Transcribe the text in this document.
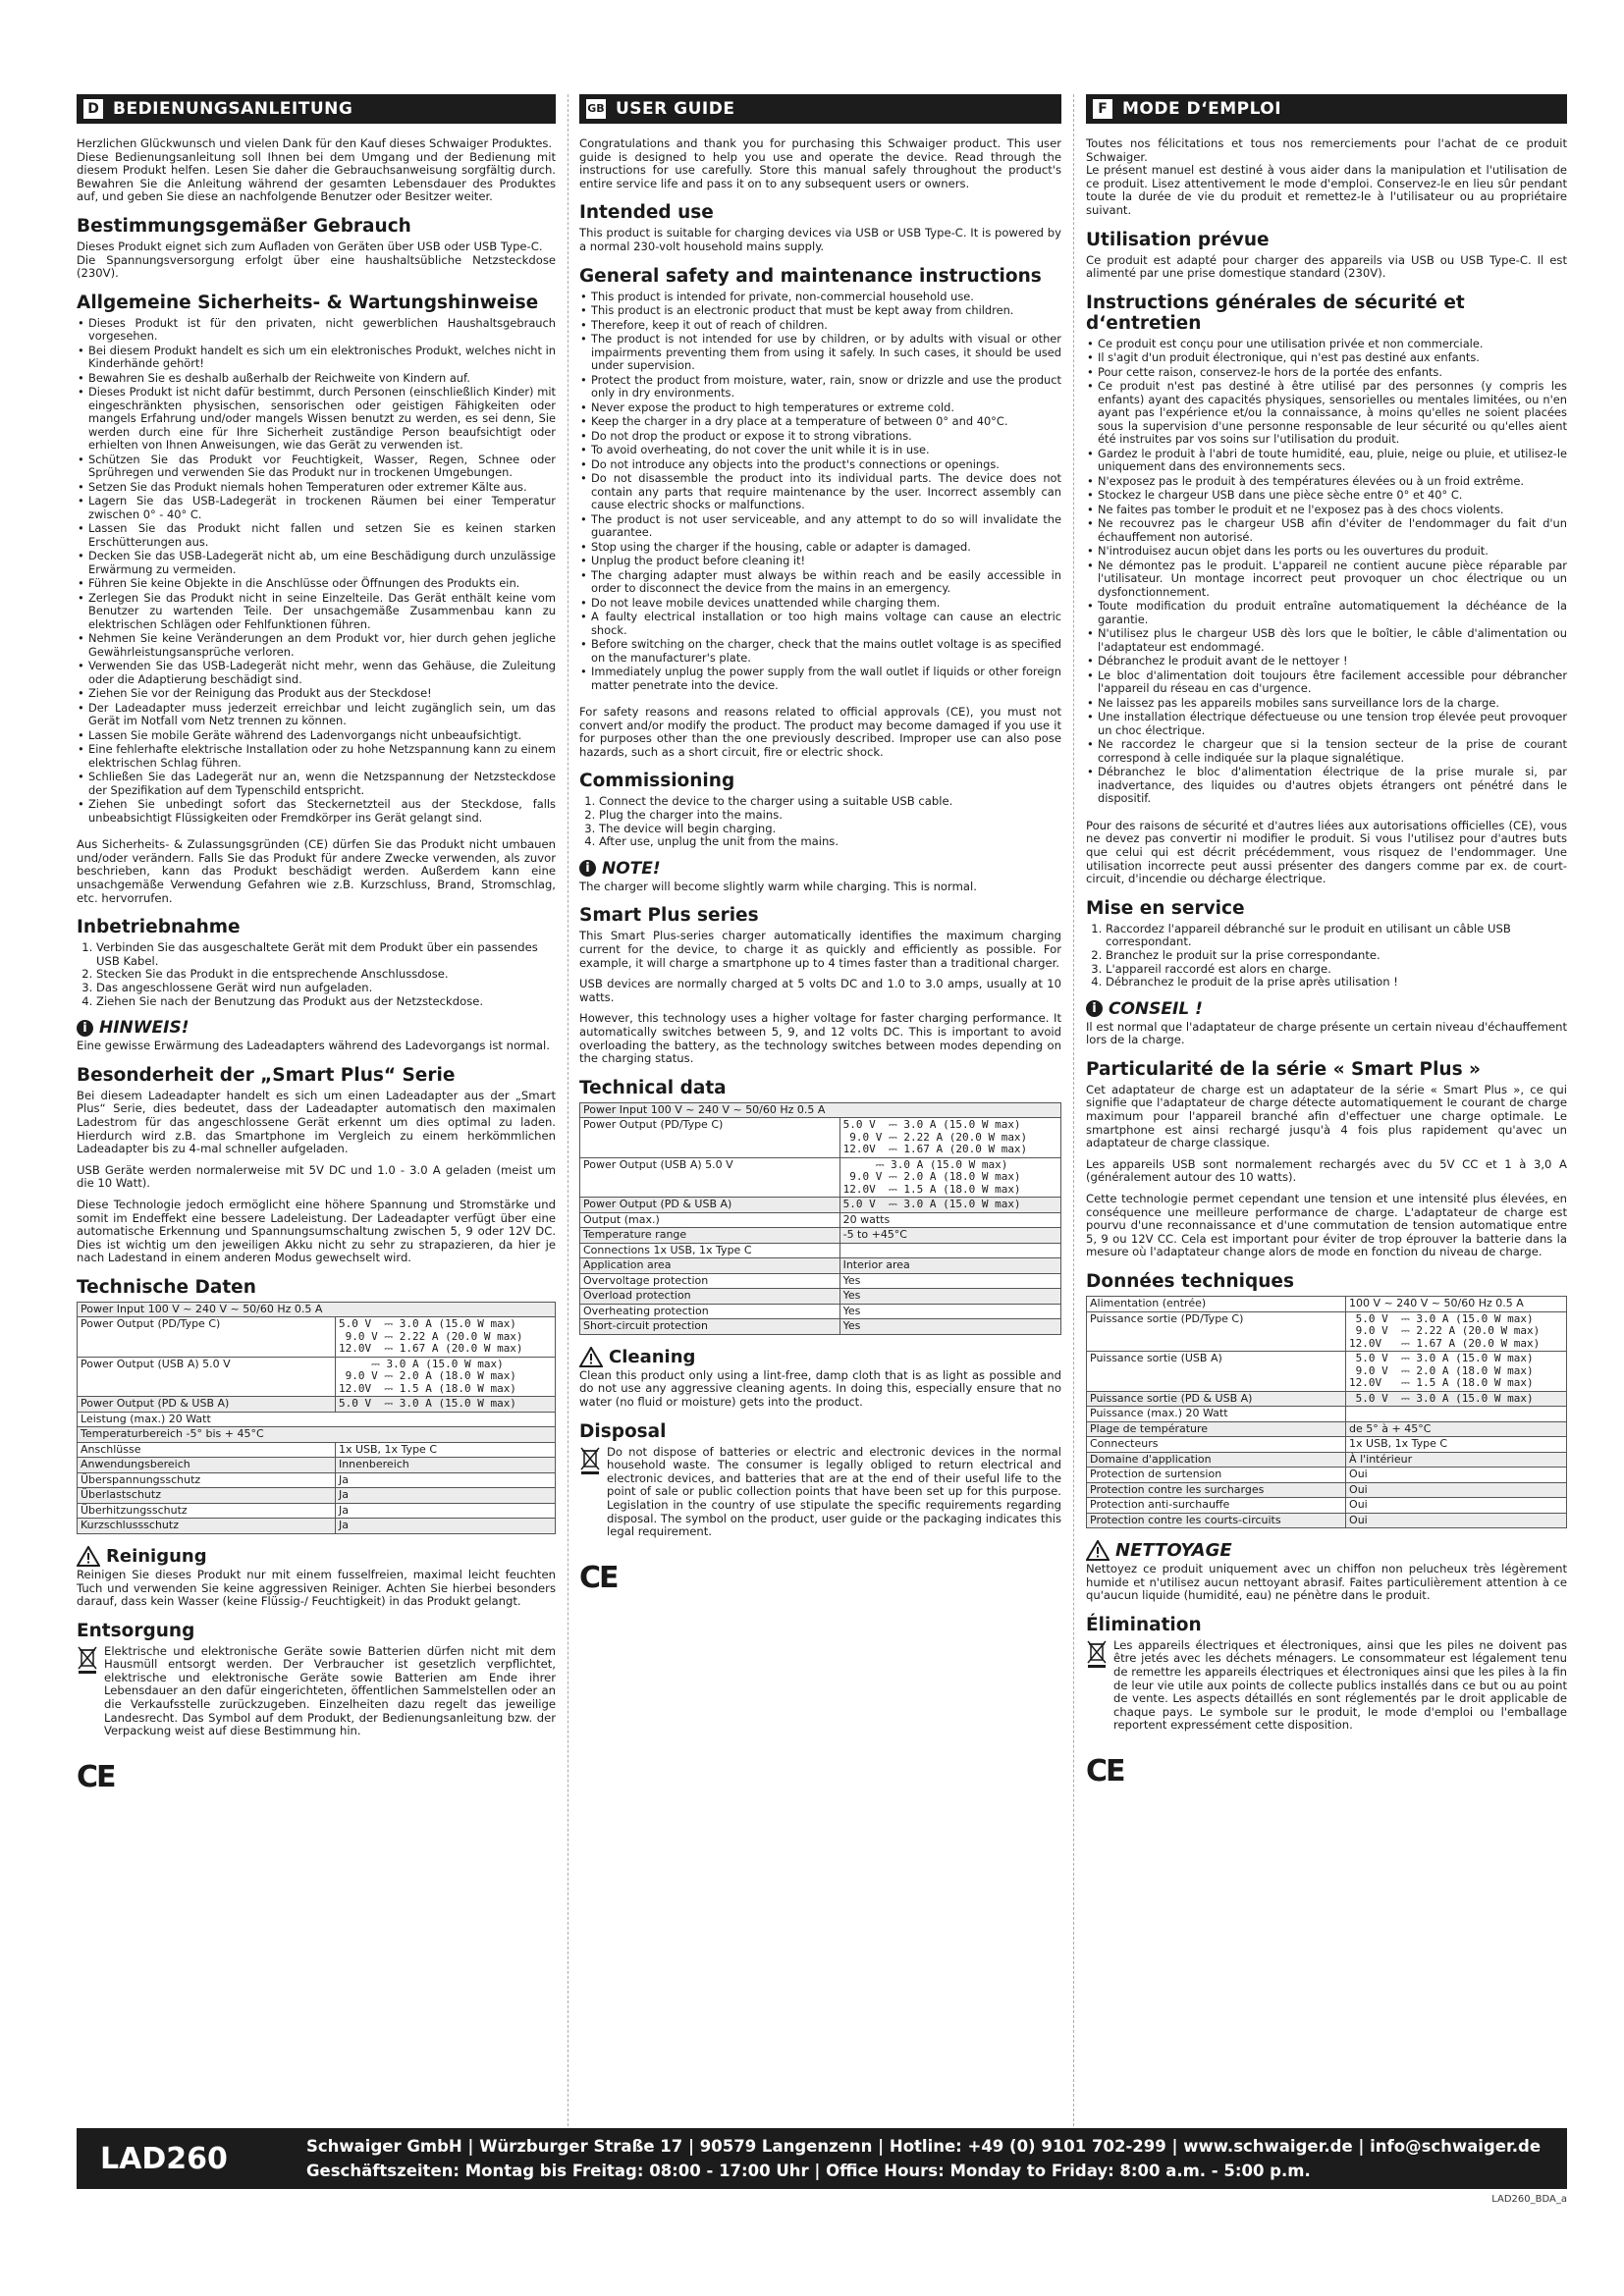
D BEDIENUNGSANLEITUNG

Herzlichen Glückwunsch und vielen Dank für den Kauf dieses Schwaiger Produktes.

Diese Bedienungsanleitung soll Ihnen bei dem Umgang und der Bedienung mit diesem Produkt helfen. Lesen Sie daher die Gebrauchsanweisung sorgfältig durch. Bewahren Sie die Anleitung während der gesamten Lebensdauer des Produktes auf, und geben Sie diese an nachfolgende Benutzer oder Besitzer weiter.

Bestimmungsgemäßer Gebrauch

Dieses Produkt eignet sich zum Aufladen von Geräten über USB oder USB Type-C.

Die Spannungsversorgung erfolgt über eine haushaltsübliche Netzsteckdose (230V).

Allgemeine Sicherheits- & Wartungshinweise
• Dieses Produkt ist für den privaten, nicht gewerblichen Haushaltsgebrauch vorgesehen.
• Bei diesem Produkt handelt es sich um ein elektronisches Produkt, welches nicht in Kinderhände gehört!
• Bewahren Sie es deshalb außerhalb der Reichweite von Kindern auf.
• Dieses Produkt ist nicht dafür bestimmt, durch Personen (einschließlich Kinder) mit eingeschränkten physischen, sensorischen oder geistigen Fähigkeiten oder mangels Erfahrung und/oder mangels Wissen benutzt zu werden, es sei denn, Sie werden durch eine für Ihre Sicherheit zuständige Person beaufsichtigt oder erhielten von Ihnen Anweisungen, wie das Gerät zu verwenden ist.
• Schützen Sie das Produkt vor Feuchtigkeit, Wasser, Regen, Schnee oder Sprühregen und verwenden Sie das Produkt nur in trockenen Umgebungen.
• Setzen Sie das Produkt niemals hohen Temperaturen oder extremer Kälte aus.
• Lagern Sie das USB-Ladegerät in trockenen Räumen bei einer Temperatur zwischen 0° - 40° C.
• Lassen Sie das Produkt nicht fallen und setzen Sie es keinen starken Erschütterungen aus.
• Decken Sie das USB-Ladegerät nicht ab, um eine Beschädigung durch unzulässige Erwärmung zu vermeiden.
• Führen Sie keine Objekte in die Anschlüsse oder Öffnungen des Produkts ein.
• Zerlegen Sie das Produkt nicht in seine Einzelteile. Das Gerät enthält keine vom Benutzer zu wartenden Teile. Der unsachgemäße Zusammenbau kann zu elektrischen Schlägen oder Fehlfunktionen führen.
• Nehmen Sie keine Veränderungen an dem Produkt vor, hier durch gehen jegliche Gewährleistungsansprüche verloren.
• Verwenden Sie das USB-Ladegerät nicht mehr, wenn das Gehäuse, die Zuleitung oder die Adaptierung beschädigt sind.
• Ziehen Sie vor der Reinigung das Produkt aus der Steckdose!
• Der Ladeadapter muss jederzeit erreichbar und leicht zugänglich sein, um das Gerät im Notfall vom Netz trennen zu können.
• Lassen Sie mobile Geräte während des Ladenvorgangs nicht unbeaufsichtigt.
• Eine fehlerhafte elektrische Installation oder zu hohe Netzspannung kann zu einem elektrischen Schlag führen.
• Schließen Sie das Ladegerät nur an, wenn die Netzspannung der Netzsteckdose der Spezifikation auf dem Typenschild entspricht.
• Ziehen Sie unbedingt sofort das Steckernetzteil aus der Steckdose, falls unbeabsichtigt Flüssigkeiten oder Fremdkörper ins Gerät gelangt sind.

Aus Sicherheits- & Zulassungsgründen (CE) dürfen Sie das Produkt nicht umbauen und/oder verändern. Falls Sie das Produkt für andere Zwecke verwenden, als zuvor beschrieben, kann das Produkt beschädigt werden. Außerdem kann eine unsachgemäße Verwendung Gefahren wie z.B. Kurzschluss, Brand, Stromschlag, etc. hervorrufen.

Inbetriebnahme
1. Verbinden Sie das ausgeschaltete Gerät mit dem Produkt über ein passendes USB Kabel.
2. Stecken Sie das Produkt in die entsprechende Anschlussdose.
3. Das angeschlossene Gerät wird nun aufgeladen.
4. Ziehen Sie nach der Benutzung das Produkt aus der Netzsteckdose.
i HINWEIS!

Eine gewisse Erwärmung des Ladeadapters während des Ladevorgangs ist normal.

Besonderheit der „Smart Plus“ Serie

Bei diesem Ladeadapter handelt es sich um einen Ladeadapter aus der „Smart Plus“ Serie, dies bedeutet, dass der Ladeadapter automatisch den maximalen Ladestrom für das angeschlossene Gerät erkennt um dies optimal zu laden. Hierdurch wird z.B. das Smartphone im Vergleich zu einem herkömmlichen Ladeadapter bis zu 4-mal schneller aufgeladen.

USB Geräte werden normalerweise mit 5V DC und 1.0 - 3.0 A geladen (meist um die 10 Watt).

Diese Technologie jedoch ermöglicht eine höhere Spannung und Stromstärke und somit im Endeffekt eine bessere Ladeleistung. Der Ladeadapter verfügt über eine automatische Erkennung und Spannungsumschaltung zwischen 5, 9 oder 12V DC. Dies ist wichtig um den jeweiligen Akku nicht zu sehr zu strapazieren, da hier je nach Ladestand in einem anderen Modus gewechselt wird.

Technische Daten
Power Input 100 V ~ 240 V ~ 50/60 Hz 0.5 A	
Power Output (PD/Type C)	5.0 V  ⎓ 3.0 A (15.0 W max)
9.0 V ⎓ 2.22 A (20.0 W max)
12.0V  ⎓ 1.67 A (20.0 W max)
Power Output (USB A) 5.0 V	⎓ 3.0 A (15.0 W max)
9.0 V ⎓ 2.0 A (18.0 W max)
12.0V  ⎓ 1.5 A (18.0 W max)
Power Output (PD & USB A)	5.0 V  ⎓ 3.0 A (15.0 W max)
Leistung (max.) 20 Watt	
Temperaturbereich -5° bis + 45°C	
Anschlüsse	1x USB, 1x Type C
Anwendungsbereich	Innenbereich
Überspannungsschutz	Ja
Überlastschutz	Ja
Überhitzungsschutz	Ja
Kurzschlussschutz	Ja
Reinigung

Reinigen Sie dieses Produkt nur mit einem fusselfreien, maximal leicht feuchten Tuch und verwenden Sie keine aggressiven Reiniger. Achten Sie hierbei besonders darauf, dass kein Wasser (keine Flüssig-/ Feuchtigkeit) in das Produkt gelangt.

Entsorgung

Elektrische und elektronische Geräte sowie Batterien dürfen nicht mit dem Hausmüll entsorgt werden. Der Verbraucher ist gesetzlich verpflichtet, elektrische und elektronische Geräte sowie Batterien am Ende ihrer Lebensdauer an den dafür eingerichteten, öffentlichen Sammelstellen oder an die Verkaufsstelle zurückzugeben. Einzelheiten dazu regelt das jeweilige Landesrecht. Das Symbol auf dem Produkt, der Bedienungsanleitung bzw. der Verpackung weist auf diese Bestimmung hin.

CE
GB USER GUIDE

Congratulations and thank you for purchasing this Schwaiger product. This user guide is designed to help you use and operate the device. Read through the instructions for use carefully. Store this manual safely throughout the product's entire service life and pass it on to any subsequent users or owners.

Intended use

This product is suitable for charging devices via USB or USB Type-C. It is powered by a normal 230-volt household mains supply.

General safety and maintenance instructions
• This product is intended for private, non-commercial household use.
• This product is an electronic product that must be kept away from children.
• Therefore, keep it out of reach of children.
• The product is not intended for use by children, or by adults with visual or other impairments preventing them from using it safely. In such cases, it should be used under supervision.
• Protect the product from moisture, water, rain, snow or drizzle and use the product only in dry environments.
• Never expose the product to high temperatures or extreme cold.
• Keep the charger in a dry place at a temperature of between 0° and 40°C.
• Do not drop the product or expose it to strong vibrations.
• To avoid overheating, do not cover the unit while it is in use.
• Do not introduce any objects into the product's connections or openings.
• Do not disassemble the product into its individual parts. The device does not contain any parts that require maintenance by the user. Incorrect assembly can cause electric shocks or malfunctions.
• The product is not user serviceable, and any attempt to do so will invalidate the guarantee.
• Stop using the charger if the housing, cable or adapter is damaged.
• Unplug the product before cleaning it!
• The charging adapter must always be within reach and be easily accessible in order to disconnect the device from the mains in an emergency.
• Do not leave mobile devices unattended while charging them.
• A faulty electrical installation or too high mains voltage can cause an electric shock.
• Before switching on the charger, check that the mains outlet voltage is as specified on the manufacturer's plate.
• Immediately unplug the power supply from the wall outlet if liquids or other foreign matter penetrate into the device.

For safety reasons and reasons related to official approvals (CE), you must not convert and/or modify the product. The product may become damaged if you use it for purposes other than the one previously described. Improper use can also pose hazards, such as a short circuit, fire or electric shock.

Commissioning
1. Connect the device to the charger using a suitable USB cable.
2. Plug the charger into the mains.
3. The device will begin charging.
4. After use, unplug the unit from the mains.
i NOTE!

The charger will become slightly warm while charging. This is normal.

Smart Plus series

This Smart Plus-series charger automatically identifies the maximum charging current for the device, to charge it as quickly and efficiently as possible. For example, it will charge a smartphone up to 4 times faster than a traditional charger.

USB devices are normally charged at 5 volts DC and 1.0 to 3.0 amps, usually at 10 watts.

However, this technology uses a higher voltage for faster charging performance. It automatically switches between 5, 9, and 12 volts DC. This is important to avoid overloading the battery, as the technology switches between modes depending on the charging status.

Technical data
Power Input 100 V ~ 240 V ~ 50/60 Hz 0.5 A	
Power Output (PD/Type C)	5.0 V  ⎓ 3.0 A (15.0 W max)
9.0 V ⎓ 2.22 A (20.0 W max)
12.0V  ⎓ 1.67 A (20.0 W max)
Power Output (USB A) 5.0 V	⎓ 3.0 A (15.0 W max)
9.0 V ⎓ 2.0 A (18.0 W max)
12.0V  ⎓ 1.5 A (18.0 W max)
Power Output (PD & USB A)	5.0 V  ⎓ 3.0 A (15.0 W max)
Output (max.)	20 watts
Temperature range	-5 to +45°C
Connections 1x USB, 1x Type C	
Application area	Interior area
Overvoltage protection	Yes
Overload protection	Yes
Overheating protection	Yes
Short-circuit protection	Yes
Cleaning

Clean this product only using a lint-free, damp cloth that is as light as possible and do not use any aggressive cleaning agents. In doing this, especially ensure that no water (no fluid or moisture) gets into the product.

Disposal

Do not dispose of batteries or electric and electronic devices in the normal household waste. The consumer is legally obliged to return electrical and electronic devices, and batteries that are at the end of their useful life to the point of sale or public collection points that have been set up for this purpose. Legislation in the country of use stipulate the specific requirements regarding disposal. The symbol on the product, user guide or the packaging indicates this legal requirement.

CE
F MODE D‘EMPLOI

Toutes nos félicitations et tous nos remerciements pour l'achat de ce produit Schwaiger.

Le présent manuel est destiné à vous aider dans la manipulation et l'utilisation de ce produit. Lisez attentivement le mode d'emploi. Conservez-le en lieu sûr pendant toute la durée de vie du produit et remettez-le à l'utilisateur ou au propriétaire suivant.

Utilisation prévue

Ce produit est adapté pour charger des appareils via USB ou USB Type-C. Il est alimenté par une prise domestique standard (230V).

Instructions générales de sécurité et d‘entretien
• Ce produit est conçu pour une utilisation privée et non commerciale.
• Il s'agit d'un produit électronique, qui n'est pas destiné aux enfants.
• Pour cette raison, conservez-le hors de la portée des enfants.
• Ce produit n'est pas destiné à être utilisé par des personnes (y compris les enfants) ayant des capacités physiques, sensorielles ou mentales limitées, ou n'en ayant pas l'expérience et/ou la connaissance, à moins qu'elles ne soient placées sous la supervision d'une personne responsable de leur sécurité ou qu'elles aient été instruites par vos soins sur l'utilisation du produit.
• Gardez le produit à l'abri de toute humidité, eau, pluie, neige ou pluie, et utilisez-le uniquement dans des environnements secs.
• N'exposez pas le produit à des températures élevées ou à un froid extrême.
• Stockez le chargeur USB dans une pièce sèche entre 0° et 40° C.
• Ne faites pas tomber le produit et ne l'exposez pas à des chocs violents.
• Ne recouvrez pas le chargeur USB afin d'éviter de l'endommager du fait d'un échauffement non autorisé.
• N'introduisez aucun objet dans les ports ou les ouvertures du produit.
• Ne démontez pas le produit. L'appareil ne contient aucune pièce réparable par l'utilisateur. Un montage incorrect peut provoquer un choc électrique ou un dysfonctionnement.
• Toute modification du produit entraîne automatiquement la déchéance de la garantie.
• N'utilisez plus le chargeur USB dès lors que le boîtier, le câble d'alimentation ou l'adaptateur est endommagé.
• Débranchez le produit avant de le nettoyer !
• Le bloc d'alimentation doit toujours être facilement accessible pour débrancher l'appareil du réseau en cas d'urgence.
• Ne laissez pas les appareils mobiles sans surveillance lors de la charge.
• Une installation électrique défectueuse ou une tension trop élevée peut provoquer un choc électrique.
• Ne raccordez le chargeur que si la tension secteur de la prise de courant correspond à celle indiquée sur la plaque signalétique.
• Débranchez le bloc d'alimentation électrique de la prise murale si, par inadvertance, des liquides ou d'autres objets étrangers ont pénétré dans le dispositif.

Pour des raisons de sécurité et d'autres liées aux autorisations officielles (CE), vous ne devez pas convertir ni modifier le produit. Si vous l'utilisez pour d'autres buts que celui qui est décrit précédemment, vous risquez de l'endommager. Une utilisation incorrecte peut aussi présenter des dangers comme par ex. de court-circuit, d'incendie ou décharge électrique.

Mise en service
1. Raccordez l'appareil débranché sur le produit en utilisant un câble USB correspondant.
2. Branchez le produit sur la prise correspondante.
3. L'appareil raccordé est alors en charge.
4. Débranchez le produit de la prise après utilisation !
i CONSEIL !

Il est normal que l'adaptateur de charge présente un certain niveau d'échauffement lors de la charge.

Particularité de la série « Smart Plus »

Cet adaptateur de charge est un adaptateur de la série « Smart Plus », ce qui signifie que l'adaptateur de charge détecte automatiquement le courant de charge maximum pour l'appareil branché afin d'effectuer une charge optimale. Le smartphone est ainsi rechargé jusqu'à 4 fois plus rapidement qu'avec un adaptateur de charge classique.

Les appareils USB sont normalement rechargés avec du 5V CC et 1 à 3,0 A (généralement autour des 10 watts).

Cette technologie permet cependant une tension et une intensité plus élevées, en conséquence une meilleure performance de charge. L'adaptateur de charge est pourvu d'une reconnaissance et d'une commutation de tension automatique entre 5, 9 ou 12V CC. Cela est important pour éviter de trop éprouver la batterie dans la mesure où l'adaptateur change alors de mode en fonction du niveau de charge.

Données techniques
Alimentation (entrée)	100 V ~ 240 V ~ 50/60 Hz 0.5 A
Puissance sortie (PD/Type C)	5.0 V  ⎓ 3.0 A (15.0 W max)
9.0 V  ⎓ 2.22 A (20.0 W max)
12.0V   ⎓ 1.67 A (20.0 W max)
Puissance sortie (USB A)	5.0 V  ⎓ 3.0 A (15.0 W max)
9.0 V  ⎓ 2.0 A (18.0 W max)
12.0V   ⎓ 1.5 A (18.0 W max)
Puissance sortie (PD & USB A)	5.0 V  ⎓ 3.0 A (15.0 W max)
Puissance (max.) 20 Watt	
Plage de température	de 5° à + 45°C
Connecteurs	1x USB, 1x Type C
Domaine d'application	À l'intérieur
Protection de surtension	Oui
Protection contre les surcharges	Oui
Protection anti-surchauffe	Oui
Protection contre les courts-circuits	Oui
NETTOYAGE

Nettoyez ce produit uniquement avec un chiffon non pelucheux très légèrement humide et n'utilisez aucun nettoyant abrasif. Faites particulièrement attention à ce qu'aucun liquide (humidité, eau) ne pénètre dans le produit.

Élimination

Les appareils électriques et électroniques, ainsi que les piles ne doivent pas être jetés avec les déchets ménagers. Le consommateur est légalement tenu de remettre les appareils électriques et électroniques ainsi que les piles à la fin de leur vie utile aux points de collecte publics installés dans ce but ou au point de vente. Les aspects détaillés en sont réglementés par le droit applicable de chaque pays. Le symbole sur le produit, le mode d'emploi ou l'emballage reportent expressément cette disposition.

CE
LAD260	Schwaiger GmbH | Würzburger Straße 17 | 90579 Langenzenn | Hotline: +49 (0) 9101 702-299 | www.schwaiger.de | info@schwaiger.de
Geschäftszeiten: Montag bis Freitag: 08:00 - 17:00 Uhr | Office Hours: Monday to Friday: 8:00 a.m. - 5:00 p.m.
LAD260_BDA_a
